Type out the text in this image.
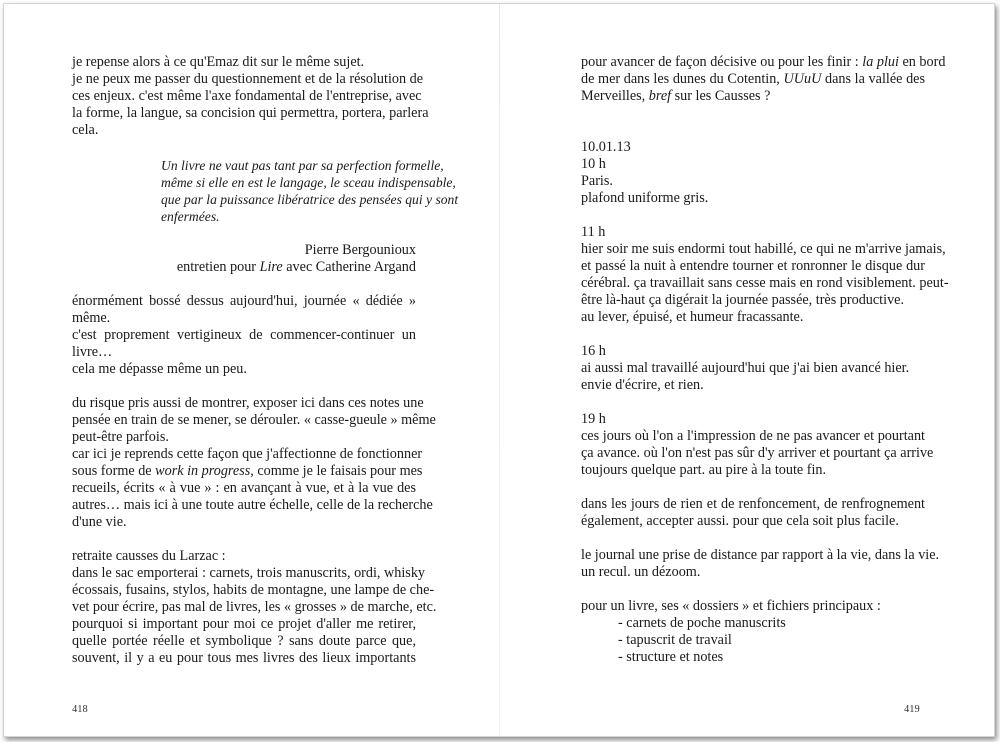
je repense alors à ce qu'Emaz dit sur le même sujet.
je ne peux me passer du questionnement et de la résolution de
ces enjeux. c'est même l'axe fondamental de l'entreprise, avec
la forme, la langue, sa concision qui permettra, portera, parlera
cela.
Un livre ne vaut pas tant par sa perfection formelle,
même si elle en est le langage, le sceau indispensable,
que par la puissance libératrice des pensées qui y sont
enfermées.
Pierre Bergounioux
entretien pour Lire avec Catherine Argand
énormément bossé dessus aujourd'hui, journée « dédiée »
même.
c'est proprement vertigineux de commencer-continuer un
livre…
cela me dépasse même un peu.
du risque pris aussi de montrer, exposer ici dans ces notes une
pensée en train de se mener, se dérouler. « casse-gueule » même
peut-être parfois.
car ici je reprends cette façon que j'affectionne de fonctionner
sous forme de work in progress, comme je le faisais pour mes
recueils, écrits « à vue » : en avançant à vue, et à la vue des
autres… mais ici à une toute autre échelle, celle de la recherche
d'une vie.
retraite causses du Larzac :
dans le sac emporterai : carnets, trois manuscrits, ordi, whisky
écossais, fusains, stylos, habits de montagne, une lampe de che-
vet pour écrire, pas mal de livres, les « grosses » de marche, etc.
pourquoi si important pour moi ce projet d'aller me retirer,
quelle portée réelle et symbolique ? sans doute parce que,
souvent, il y a eu pour tous mes livres des lieux importants
418
pour avancer de façon décisive ou pour les finir : la plui en bord
de mer dans les dunes du Cotentin, UUuU dans la vallée des
Merveilles, bref sur les Causses ?
10.01.13
10 h
Paris.
plafond uniforme gris.
11 h
hier soir me suis endormi tout habillé, ce qui ne m'arrive jamais,
et passé la nuit à entendre tourner et ronronner le disque dur
cérébral. ça travaillait sans cesse mais en rond visiblement. peut-
être là-haut ça digérait la journée passée, très productive.
au lever, épuisé, et humeur fracassante.
16 h
ai aussi mal travaillé aujourd'hui que j'ai bien avancé hier.
envie d'écrire, et rien.
19 h
ces jours où l'on a l'impression de ne pas avancer et pourtant
ça avance. où l'on n'est pas sûr d'y arriver et pourtant ça arrive
toujours quelque part. au pire à la toute fin.
dans les jours de rien et de renfoncement, de renfrognement
également, accepter aussi. pour que cela soit plus facile.
le journal une prise de distance par rapport à la vie, dans la vie.
un recul. un dézoom.
pour un livre, ses « dossiers » et fichiers principaux :
- carnets de poche manuscrits
- tapuscrit de travail
- structure et notes
419
